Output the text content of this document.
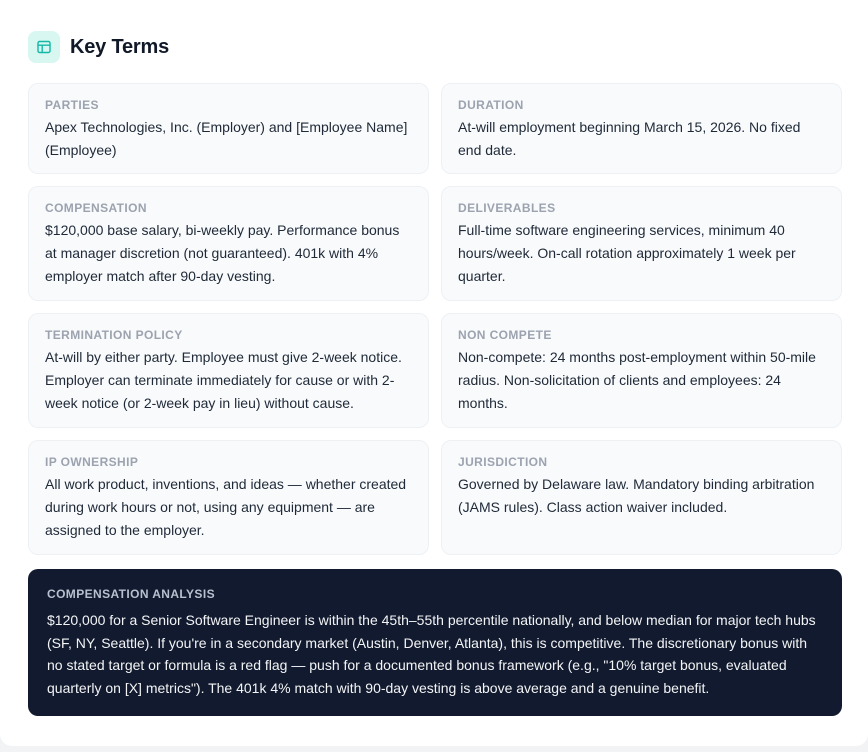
Key Terms
PARTIES
Apex Technologies, Inc. (Employer) and [Employee Name] (Employee)
DURATION
At-will employment beginning March 15, 2026. No fixed end date.
COMPENSATION
$120,000 base salary, bi-weekly pay. Performance bonus at manager discretion (not guaranteed). 401k with 4% employer match after 90-day vesting.
DELIVERABLES
Full-time software engineering services, minimum 40 hours/week. On-call rotation approximately 1 week per quarter.
TERMINATION POLICY
At-will by either party. Employee must give 2-week notice. Employer can terminate immediately for cause or with 2-week notice (or 2-week pay in lieu) without cause.
NON COMPETE
Non-compete: 24 months post-employment within 50-mile radius. Non-solicitation of clients and employees: 24 months.
IP OWNERSHIP
All work product, inventions, and ideas — whether created during work hours or not, using any equipment — are assigned to the employer.
JURISDICTION
Governed by Delaware law. Mandatory binding arbitration (JAMS rules). Class action waiver included.
COMPENSATION ANALYSIS
$120,000 for a Senior Software Engineer is within the 45th–55th percentile nationally, and below median for major tech hubs (SF, NY, Seattle). If you're in a secondary market (Austin, Denver, Atlanta), this is competitive. The discretionary bonus with no stated target or formula is a red flag — push for a documented bonus framework (e.g., "10% target bonus, evaluated quarterly on [X] metrics"). The 401k 4% match with 90-day vesting is above average and a genuine benefit.
